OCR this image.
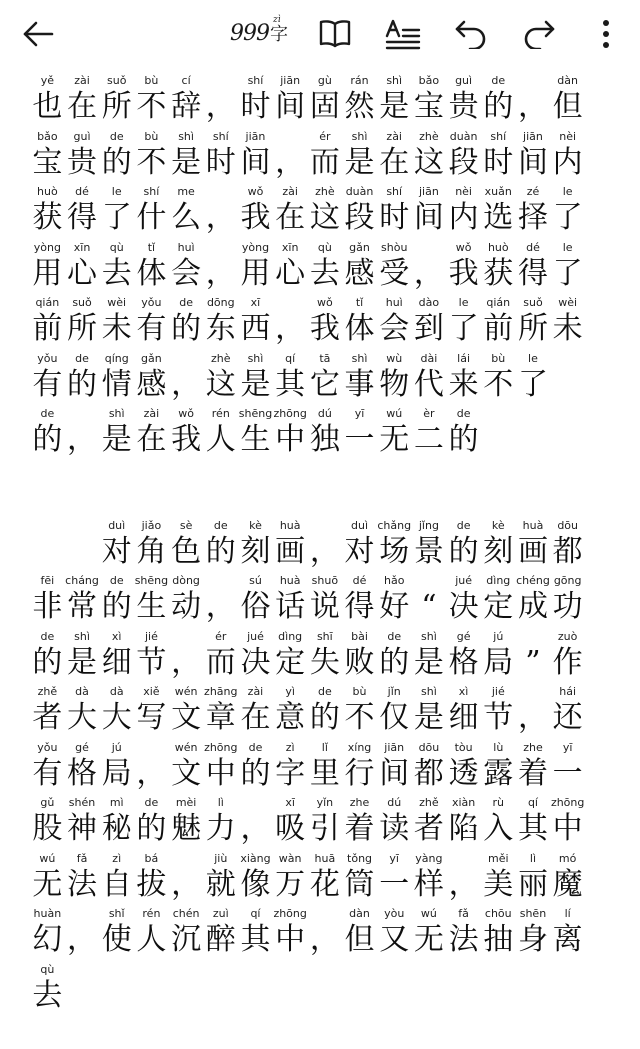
999
zì
字
yě
也
zài
在
suǒ
所
bù
不
cí
辞 ，
shí
时
jiān
间
gù
固
rán
然
shì
是
bǎo
宝
guì
贵
de
的 ，
dàn
但
bǎo
宝
guì
贵
de
的
bù
不
shì
是
shí
时
jiān
间 ，
ér
而
shì
是
zài
在
zhè
这
duàn
段
shí
时
jiān
间
nèi
内
huò
获
dé
得
le
了
shí
什
me
么 ，
wǒ
我
zài
在
zhè
这
duàn
段
shí
时
jiān
间
nèi
内
xuǎn
选
zé
择
le
了
yòng
用
xīn
心
qù
去
tǐ
体
huì
会 ，
yòng
用
xīn
心
qù
去
gǎn
感
shòu
受 ，
wǒ
我
huò
获
dé
得
le
了
qián
前
suǒ
所
wèi
未
yǒu
有
de
的
dōng
东
xī
西 ，
wǒ
我
tǐ
体
huì
会
dào
到
le
了
qián
前
suǒ
所
wèi
未
yǒu
有
de
的
qíng
情
gǎn
感 ，
zhè
这
shì
是
qí
其
tā
它
shì
事
wù
物
dài
代
lái
来
bù
不
le
了
de
的 ，
shì
是
zài
在
wǒ
我
rén
人
shēng
生
zhōng
中
dú
独
yī
一
wú
无
èr
二
de
的
duì
对
jiǎo
角
sè
色
de
的
kè
刻
huà
画 ，
duì
对
chǎng
场
jǐng
景
de
的
kè
刻
huà
画
dōu
都
fēi
非
cháng
常
de
的
shēng
生
dòng
动 ，
sú
俗
huà
话
shuō
说
dé
得
hǎo
好 “
jué
决
dìng
定
chéng
成
gōng
功
de
的
shì
是
xì
细
jié
节 ，
ér
而
jué
决
dìng
定
shī
失
bài
败
de
的
shì
是
gé
格
jú
局 ”
zuò
作
zhě
者
dà
大
dà
大
xiě
写
wén
文
zhāng
章
zài
在
yì
意
de
的
bù
不
jǐn
仅
shì
是
xì
细
jié
节 ，
hái
还
yǒu
有
gé
格
jú
局 ，
wén
文
zhōng
中
de
的
zì
字
lǐ
里
xíng
行
jiān
间
dōu
都
tòu
透
lù
露
zhe
着
yī
一
gǔ
股
shén
神
mì
秘
de
的
mèi
魅
lì
力 ，
xī
吸
yǐn
引
zhe
着
dú
读
zhě
者
xiàn
陷
rù
入
qí
其
zhōng
中
wú
无
fǎ
法
zì
自
bá
拔 ，
jiù
就
xiàng
像
wàn
万
huā
花
tǒng
筒
yī
一
yàng
样 ，
měi
美
lì
丽
mó
魔
huàn
幻 ，
shǐ
使
rén
人
chén
沉
zuì
醉
qí
其
zhōng
中 ，
dàn
但
yòu
又
wú
无
fǎ
法
chōu
抽
shēn
身
lí
离
qù
去
